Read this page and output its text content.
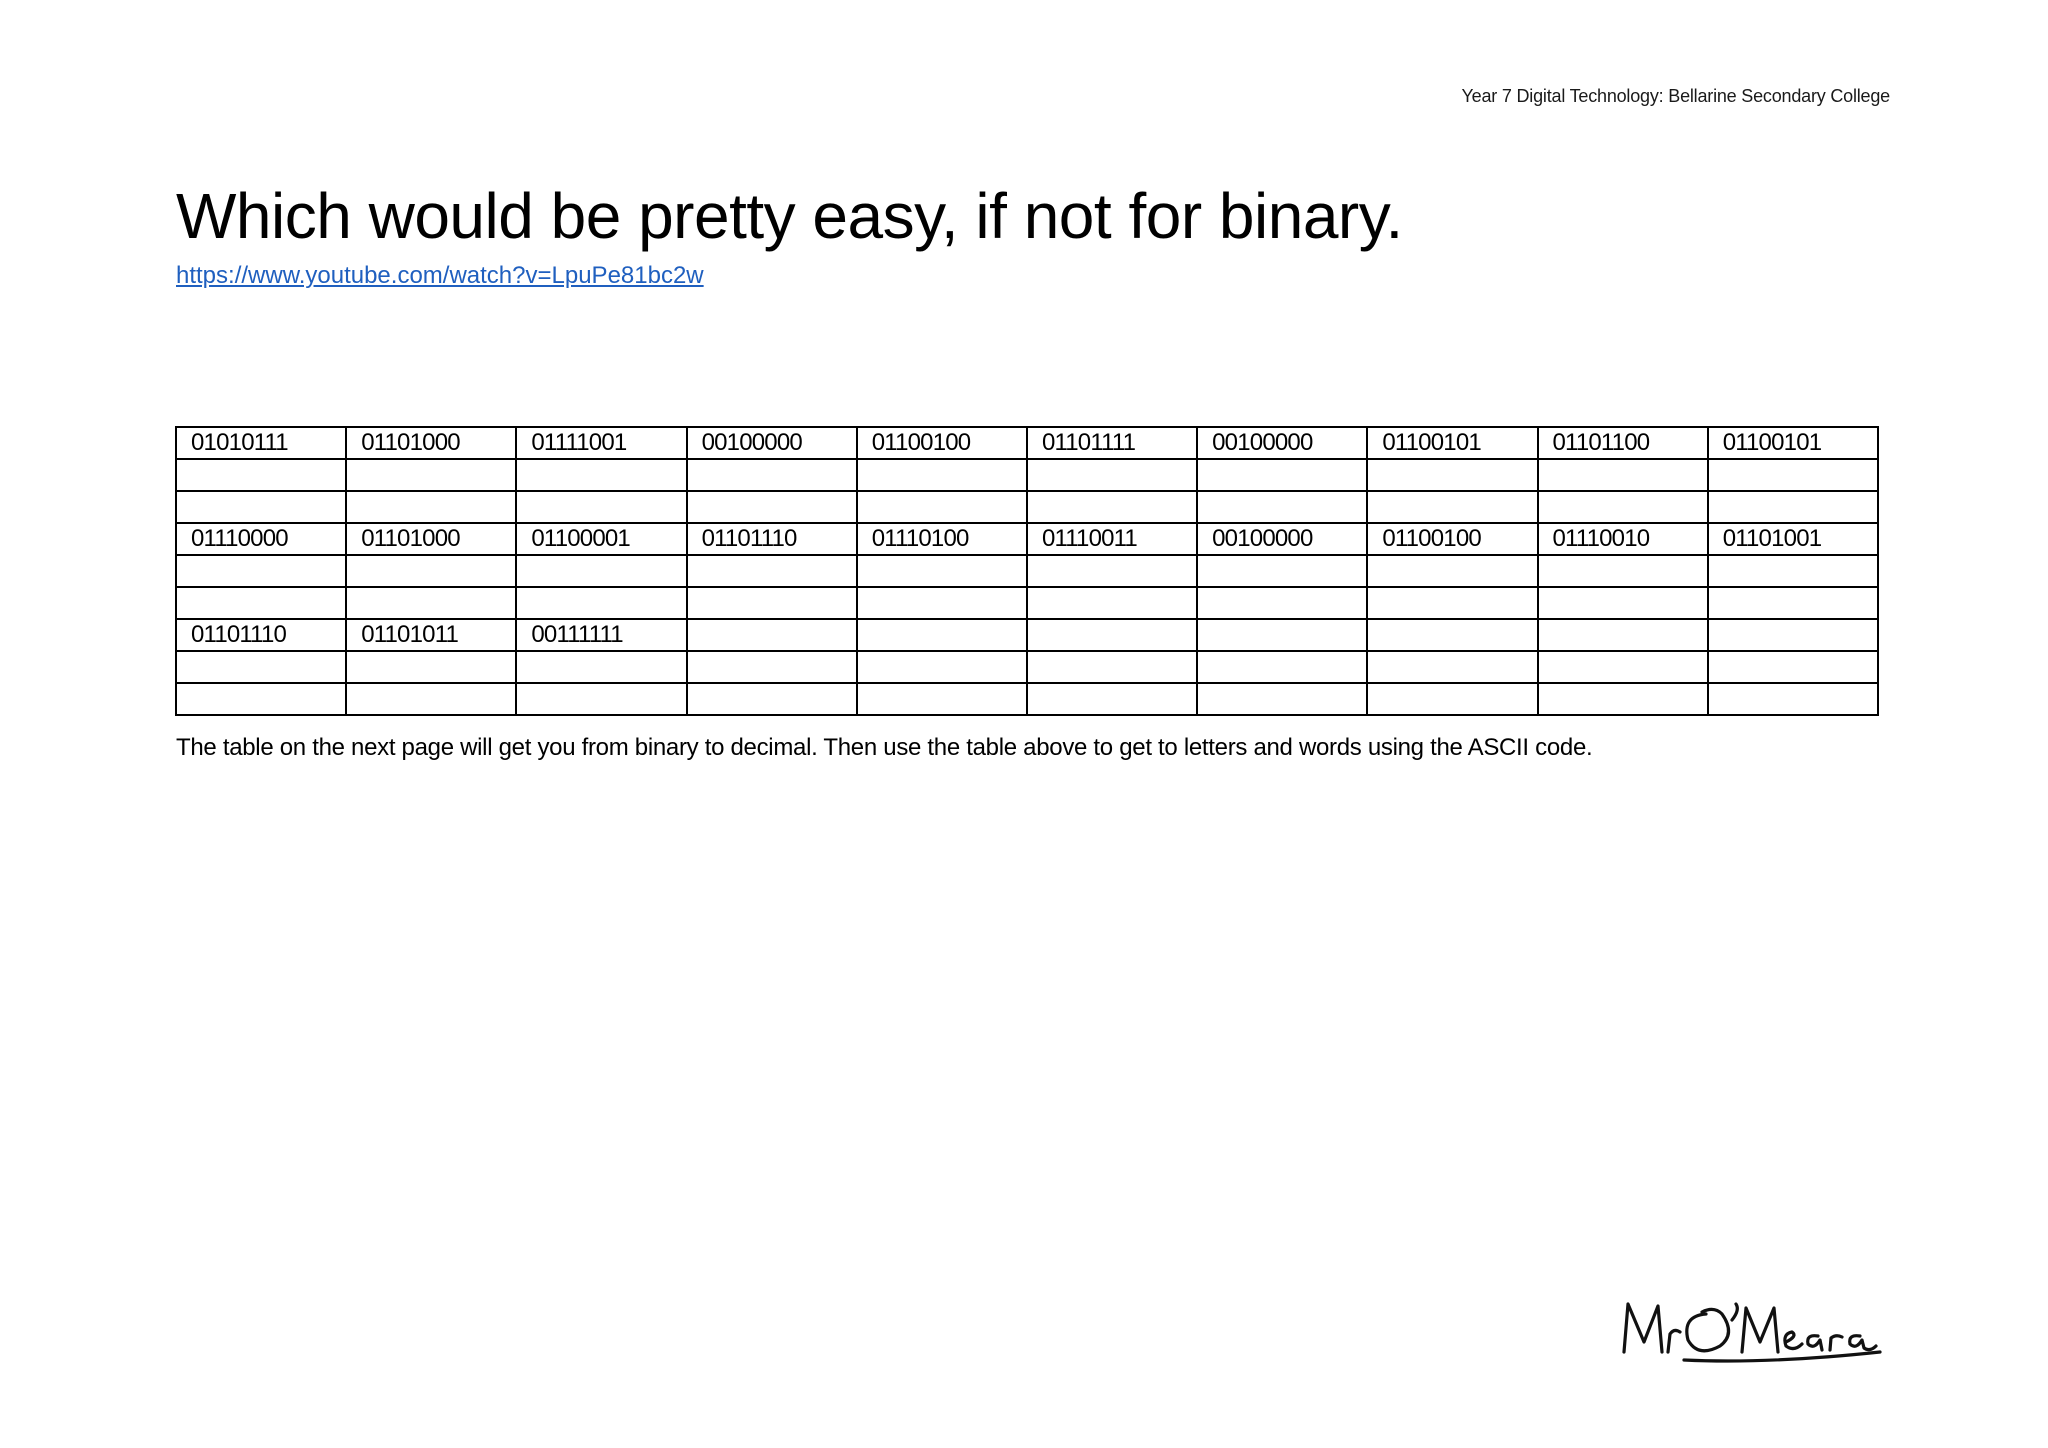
Year 7 Digital Technology: Bellarine Secondary College
Which would be pretty easy, if not for binary.
https://www.youtube.com/watch?v=LpuPe81bc2w
01010111	01101000	01111001	00100000	01100100	01101111	00100000	01100101	01101100	01100101

01110000	01101000	01100001	01101110	01110100	01110011	00100000	01100100	01110010	01101001

01101110	01101011	00111111							

The table on the next page will get you from binary to decimal. Then use the table above to get to letters and words using the ASCII code.
